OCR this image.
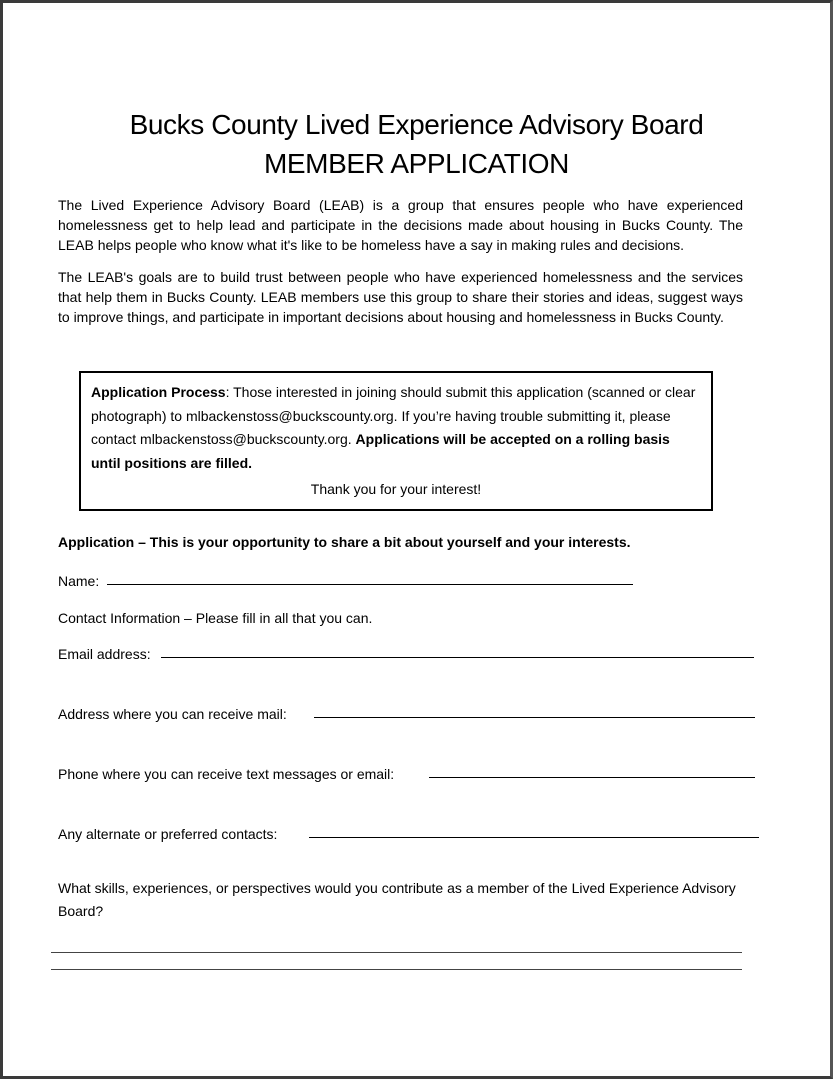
Bucks County Lived Experience Advisory Board
MEMBER APPLICATION
The Lived Experience Advisory Board (LEAB) is a group that ensures people who have experienced homelessness get to help lead and participate in the decisions made about housing in Bucks County. The LEAB helps people who know what it's like to be homeless have a say in making rules and decisions.
The LEAB's goals are to build trust between people who have experienced homelessness and the services that help them in Bucks County. LEAB members use this group to share their stories and ideas, suggest ways to improve things, and participate in important decisions about housing and homelessness in Bucks County.
Application Process: Those interested in joining should submit this application (scanned or clear photograph) to mlbackenstoss@buckscounty.org. If you’re having trouble submitting it, please contact mlbackenstoss@buckscounty.org. Applications will be accepted on a rolling basis until positions are filled.
Thank you for your interest!
Application – This is your opportunity to share a bit about yourself and your interests.
Name:
Contact Information – Please fill in all that you can.
Email address:
Address where you can receive mail:
Phone where you can receive text messages or email:
Any alternate or preferred contacts:
What skills, experiences, or perspectives would you contribute as a member of the Lived Experience Advisory Board?
